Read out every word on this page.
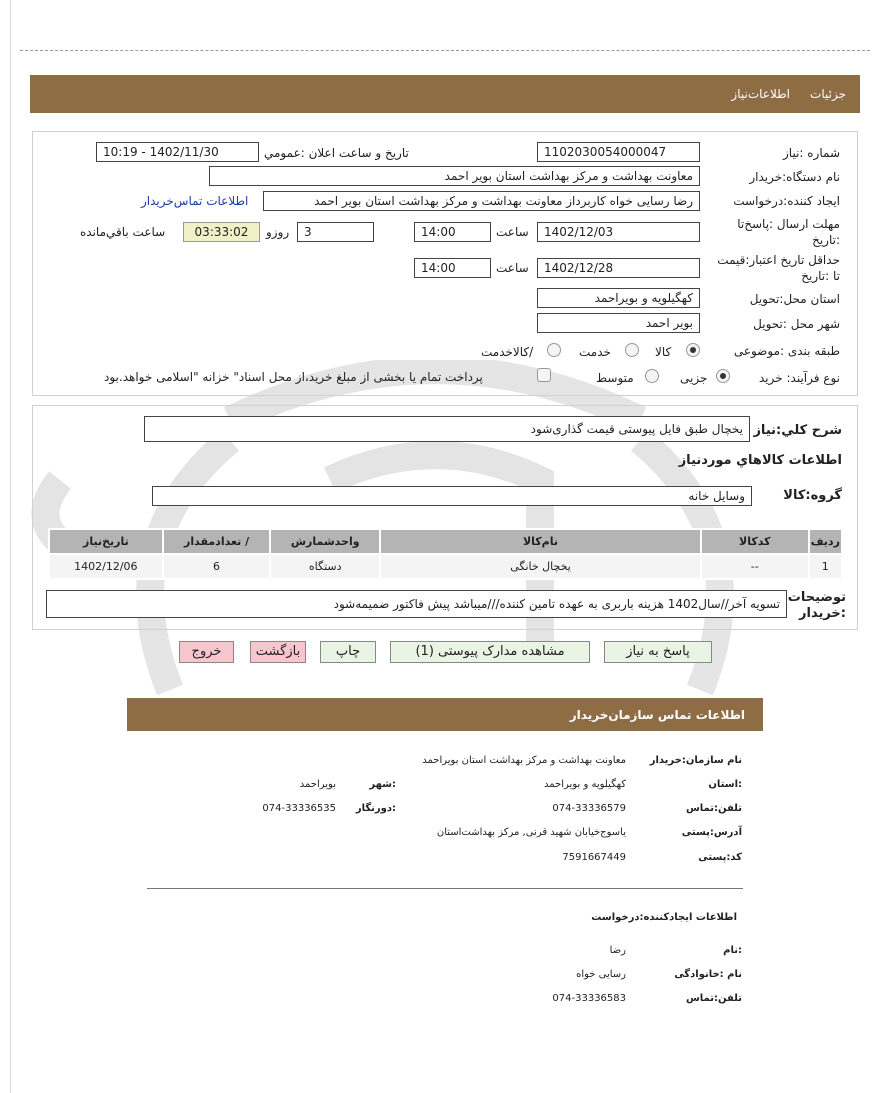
جزئیات
اطلاعات‌نیاز
شماره :نیاز
1102030054000047
تاریخ و ساعت اعلان :عمومي
1402/11/30 - 10:19
نام دستگاه:خریدار
معاونت بهداشت و مرکز بهداشت استان بویر احمد
ایجاد کننده:درخواست
رضا رسایی خواه کاربرداز معاونت بهداشت و مرکز بهداشت استان بویر احمد
اطلاعات تماس‌خریدار
مهلت ارسال :پاسخ‌تا
:تاریخ
1402/12/03
ساعت
14:00
3
روزو
03:33:02
ساعت باقي‌مانده
حداقل تاریخ اعتبار:قیمت
تا :تاریخ
1402/12/28
ساعت
14:00
استان محل:تحویل
کهگیلویه و بویراحمد
شهر محل :تحویل
بویر احمد
طبقه بندی :موضوعی
کالا
خدمت
/کالاخدمت
نوع فرآیند: خرید
جزیی
متوسط
پرداخت تمام یا بخشی از مبلغ خرید،از محل اسناد" خزانه "اسلامی خواهد.بود
شرح کلي:نیاز
یخچال طبق فایل پیوستی قیمت گذاری‌شود
اطلاعات کالاهاي موردنیاز
گروه:کالا
وسایل خانه
ردیف	کدکالا	نام‌کالا	واحدشمارش	/ تعدادمقدار	تاریخ‌نیاز
1	--	یخچال خانگی	دستگاه	6	1402/12/06
توضیحات
:خریدار
تسویه آخر//سال1402 هزینه باربری به عهده تامین کننده///میباشد پیش فاکتور ضمیمه‌شود
پاسخ به نیاز
مشاهده مدارک پیوستی (1)
چاپ
بازگشت
خروج
اطلاعات تماس سازمان‌خریدار
نام سازمان:خریدار
معاونت بهداشت و مرکز بهداشت استان بویراحمد
:استان
کهگیلویه و بویراحمد
:شهر
بویراحمد
تلفن:تماس
074-33336579
:دورنگار
074-33336535
آدرس:پستی
یاسوج‌خیابان شهید قرنی, مرکز بهداشت‌استان
کد:پستی
7591667449
اطلاعات ایجادکننده:درخواست
:نام
رضا
نام :خانوادگی
رسایی خواه
تلفن:تماس
074-33336583
